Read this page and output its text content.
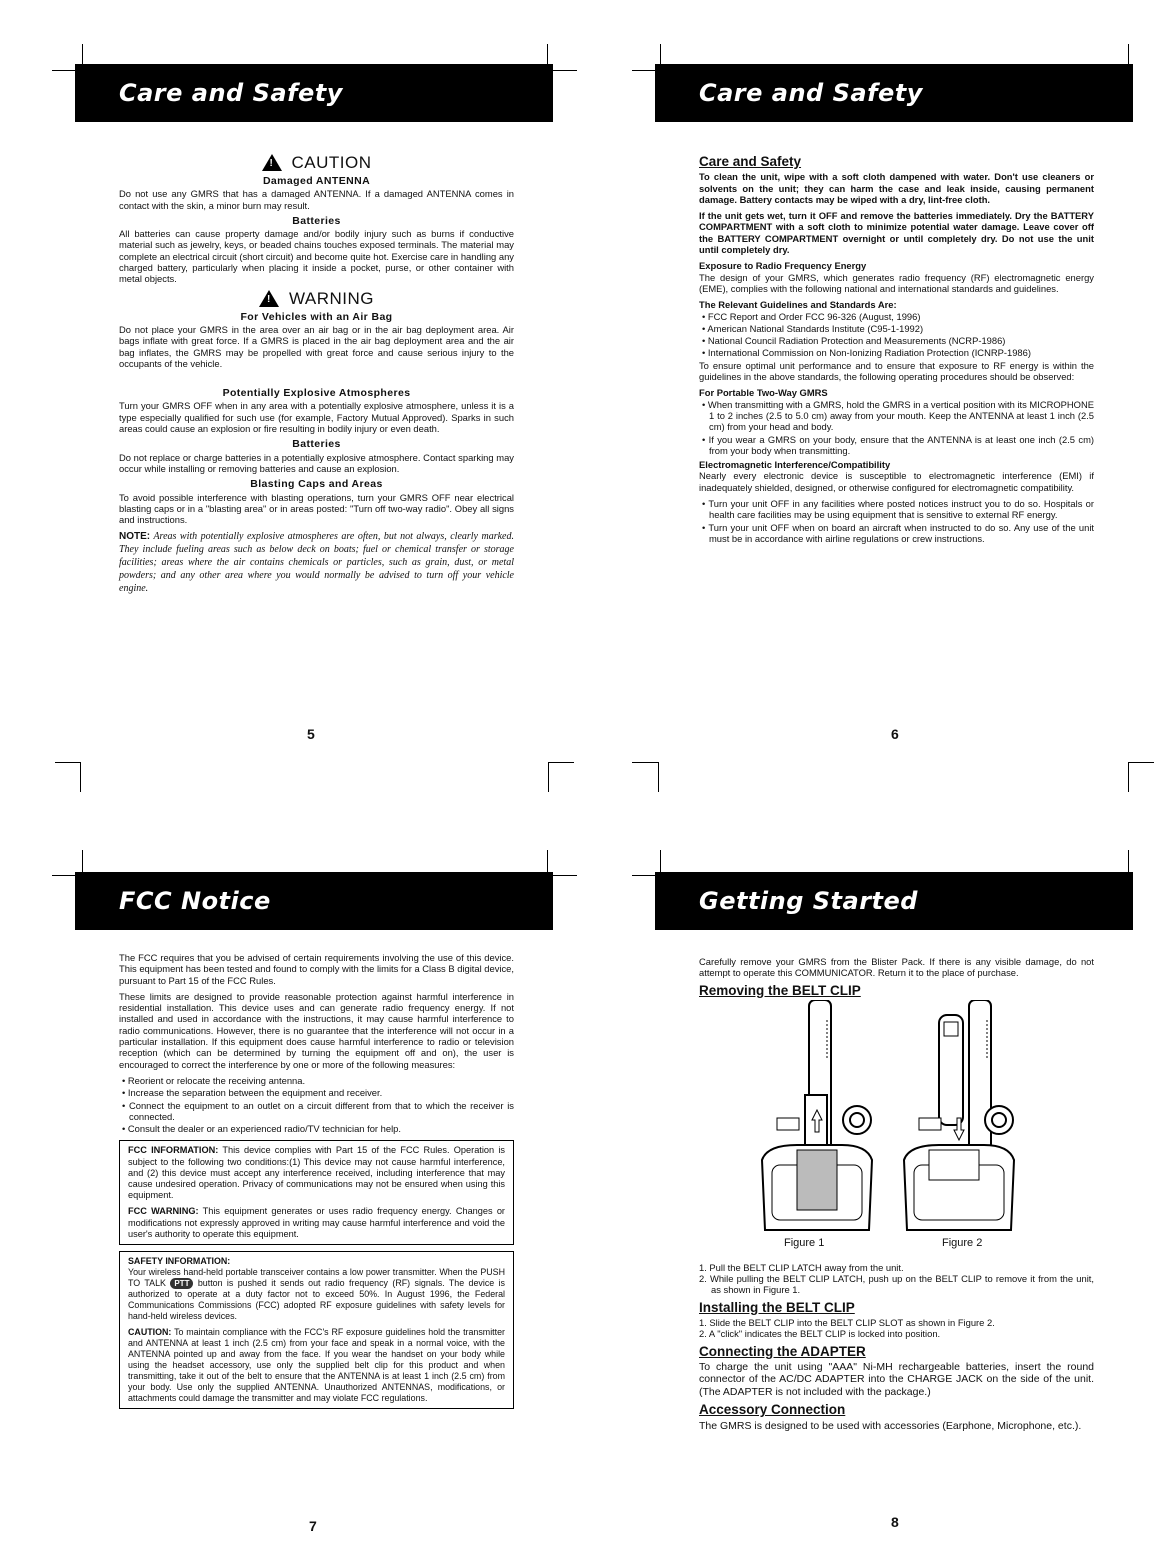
Care and Safety
!
CAUTION
Damaged ANTENNA

Do not use any GMRS that has a damaged ANTENNA. If a damaged ANTENNA comes in contact with the skin, a minor burn may result.

Batteries

All batteries can cause property damage and/or bodily injury such as burns if conductive material such as jewelry, keys, or beaded chains touches exposed terminals. The material may complete an electrical circuit (short circuit) and become quite hot. Exercise care in handling any charged battery, particularly when placing it inside a pocket, purse, or other container with metal objects.

!
WARNING
For Vehicles with an Air Bag

Do not place your GMRS in the area over an air bag or in the air bag deployment area. Air bags inflate with great force. If a GMRS is placed in the air bag deployment area and the air bag inflates, the GMRS may be propelled with great force and cause serious injury to the occupants of the vehicle.

Potentially Explosive Atmospheres

Turn your GMRS OFF when in any area with a potentially explosive atmosphere, unless it is a type especially qualified for such use (for example, Factory Mutual Approved). Sparks in such areas could cause an explosion or fire resulting in bodily injury or even death.

Batteries

Do not replace or charge batteries in a potentially explosive atmosphere. Contact sparking may occur while installing or removing batteries and cause an explosion.

Blasting Caps and Areas

To avoid possible interference with blasting operations, turn your GMRS OFF near electrical blasting caps or in a "blasting area" or in areas posted: "Turn off two-way radio". Obey all signs and instructions.

NOTE: Areas with potentially explosive atmospheres are often, but not always, clearly marked. They include fueling areas such as below deck on boats; fuel or chemical transfer or storage facilities; areas where the air contains chemicals or particles, such as grain, dust, or metal powders; and any other area where you would normally be advised to turn off your vehicle engine.

5
Care and Safety
Care and Safety

To clean the unit, wipe with a soft cloth dampened with water. Don't use cleaners or solvents on the unit; they can harm the case and leak inside, causing permanent damage. Battery contacts may be wiped with a dry, lint-free cloth.

If the unit gets wet, turn it OFF and remove the batteries immediately. Dry the BATTERY COMPARTMENT with a soft cloth to minimize potential water damage. Leave cover off the BATTERY COMPARTMENT overnight or until completely dry. Do not use the unit until completely dry.

Exposure to Radio Frequency Energy

The design of your GMRS, which generates radio frequency (RF) electromagnetic energy (EME), complies with the following national and international standards and guidelines.

The Relevant Guidelines and Standards Are:
• FCC Report and Order FCC 96-326 (August, 1996)
• American National Standards Institute (C95-1-1992)
• National Council Radiation Protection and Measurements (NCRP-1986)
• International Commission on Non-Ionizing Radiation Protection (ICNRP-1986)

To ensure optimal unit performance and to ensure that exposure to RF energy is within the guidelines in the above standards, the following operating procedures should be observed:

For Portable Two-Way GMRS
• When transmitting with a GMRS, hold the GMRS in a vertical position with its MICROPHONE 1 to 2 inches (2.5 to 5.0 cm) away from your mouth. Keep the ANTENNA at least 1 inch (2.5 cm) from your head and body.
• If you wear a GMRS on your body, ensure that the ANTENNA is at least one inch (2.5 cm) from your body when transmitting.
Electromagnetic Interference/Compatibility

Nearly every electronic device is susceptible to electromagnetic interference (EMI) if inadequately shielded, designed, or otherwise configured for electromagnetic compatibility.

• Turn your unit OFF in any facilities where posted notices instruct you to do so. Hospitals or health care facilities may be using equipment that is sensitive to external RF energy.
• Turn your unit OFF when on board an aircraft when instructed to do so. Any use of the unit must be in accordance with airline regulations or crew instructions.
6
FCC Notice

The FCC requires that you be advised of certain requirements involving the use of this device. This equipment has been tested and found to comply with the limits for a Class B digital device, pursuant to Part 15 of the FCC Rules.

These limits are designed to provide reasonable protection against harmful interference in residential installation. This device uses and can generate radio frequency energy. If not installed and used in accordance with the instructions, it may cause harmful interference to radio communications. However, there is no guarantee that the interference will not occur in a particular installation. If this equipment does cause harmful interference to radio or television reception (which can be determined by turning the equipment off and on), the user is encouraged to correct the interference by one or more of the following measures:

• Reorient or relocate the receiving antenna.
• Increase the separation between the equipment and receiver.
• Connect the equipment to an outlet on a circuit different from that to which the receiver is connected.
• Consult the dealer or an experienced radio/TV technician for help.

FCC INFORMATION: This device complies with Part 15 of the FCC Rules. Operation is subject to the following two conditions:(1) This device may not cause harmful interference, and (2) this device must accept any interference received, including interference that may cause undesired operation. Privacy of communications may not be ensured when using this equipment.

FCC WARNING: This equipment generates or uses radio frequency energy. Changes or modifications not expressly approved in writing may cause harmful interference and void the user's authority to operate this equipment.

SAFETY INFORMATION:

Your wireless hand-held portable transceiver contains a low power transmitter. When the PUSH TO TALK PTT button is pushed it sends out radio frequency (RF) signals. The device is authorized to operate at a duty factor not to exceed 50%. In August 1996, the Federal Communications Commissions (FCC) adopted RF exposure guidelines with safety levels for hand-held wireless devices.

CAUTION: To maintain compliance with the FCC's RF exposure guidelines hold the transmitter and ANTENNA at least 1 inch (2.5 cm) from your face and speak in a normal voice, with the ANTENNA pointed up and away from the face. If you wear the handset on your body while using the headset accessory, use only the supplied belt clip for this product and when transmitting, take it out of the belt to ensure that the ANTENNA is at least 1 inch (2.5 cm) from your body. Use only the supplied ANTENNA. Unauthorized ANTENNAS, modifications, or attachments could damage the transmitter and may violate FCC regulations.

7
Getting Started

Carefully remove your GMRS from the Blister Pack. If there is any visible damage, do not attempt to operate this COMMUNICATOR. Return it to the place of purchase.

Removing the BELT CLIP
Figure 1	Figure 2

1. Pull the BELT CLIP LATCH away from the unit.

2. While pulling the BELT CLIP LATCH, push up on the BELT CLIP to remove it from the unit, as shown in Figure 1.

Installing the BELT CLIP

1. Slide the BELT CLIP into the BELT CLIP SLOT as shown in Figure 2.

2. A "click" indicates the BELT CLIP is locked into position.

Connecting the ADAPTER

To charge the unit using "AAA" Ni-MH rechargeable batteries, insert the round connector of the AC/DC ADAPTER into the CHARGE JACK on the side of the unit. (The ADAPTER is not included with the package.)

Accessory Connection

The GMRS is designed to be used with accessories (Earphone, Microphone, etc.).

8
